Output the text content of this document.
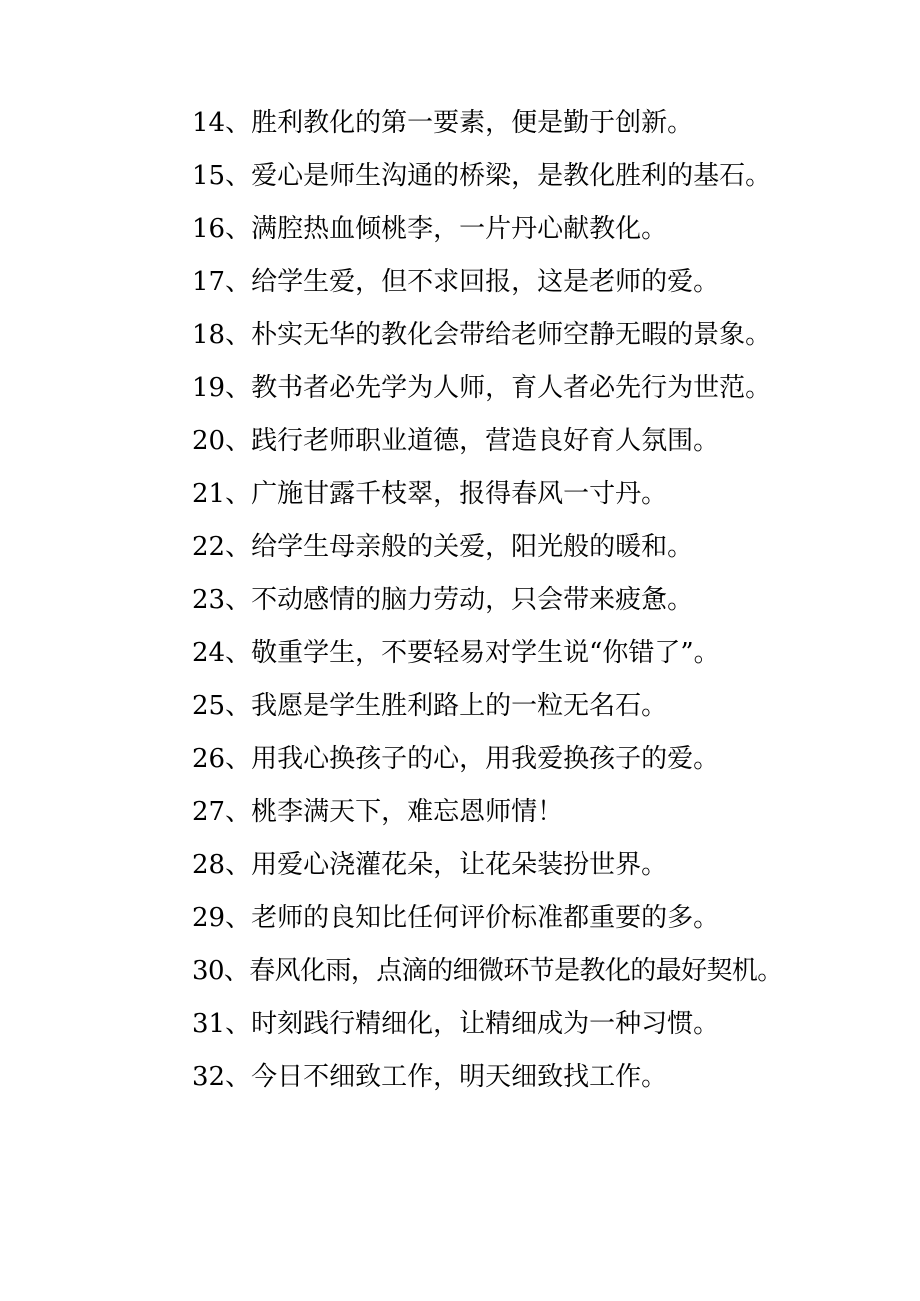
14、胜利教化的第一要素，便是勤于创新。

15、爱心是师生沟通的桥梁，是教化胜利的基石。

16、满腔热血倾桃李，一片丹心献教化。

17、给学生爱，但不求回报，这是老师的爱。

18、朴实无华的教化会带给老师空静无暇的景象。

19、教书者必先学为人师，育人者必先行为世范。

20、践行老师职业道德，营造良好育人氛围。

21、广施甘露千枝翠，报得春风一寸丹。

22、给学生母亲般的关爱，阳光般的暖和。

23、不动感情的脑力劳动，只会带来疲惫。

24、敬重学生，不要轻易对学生说“你错了”。

25、我愿是学生胜利路上的一粒无名石。

26、用我心换孩子的心，用我爱换孩子的爱。

27、桃李满天下，难忘恩师情！

28、用爱心浇灌花朵，让花朵装扮世界。

29、老师的良知比任何评价标准都重要的多。

30、春风化雨，点滴的细微环节是教化的最好契机。

31、时刻践行精细化，让精细成为一种习惯。

32、今日不细致工作，明天细致找工作。
